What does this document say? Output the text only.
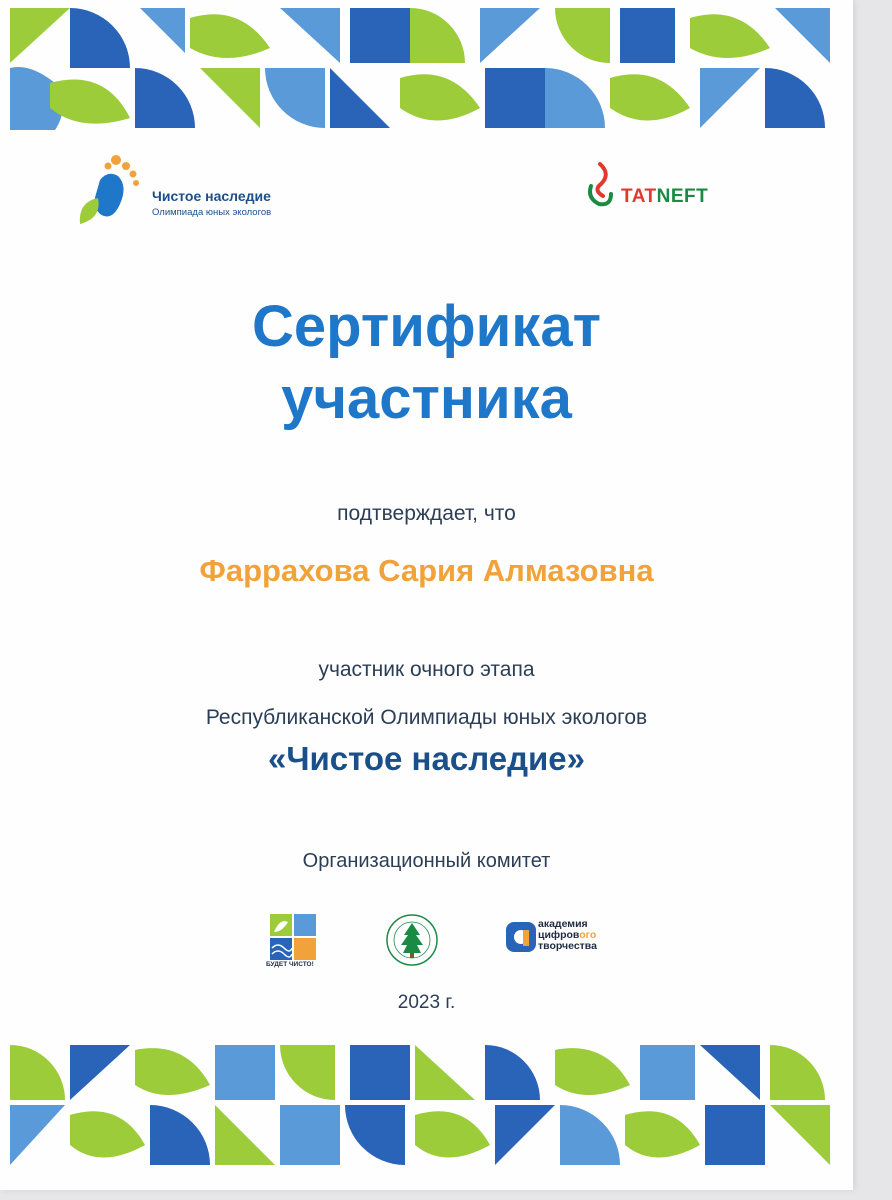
Чистое наследие
Олимпиада юных экологов
TATNEFT
Сертификат
участника
подтверждает, что
Фаррахова Сария Алмазовна
участник очного этапа
Республиканской Олимпиады юных экологов
«Чистое наследие»
Организационный комитет
БУДЕТ ЧИСТО!
академия
цифрового
творчества
2023 г.
